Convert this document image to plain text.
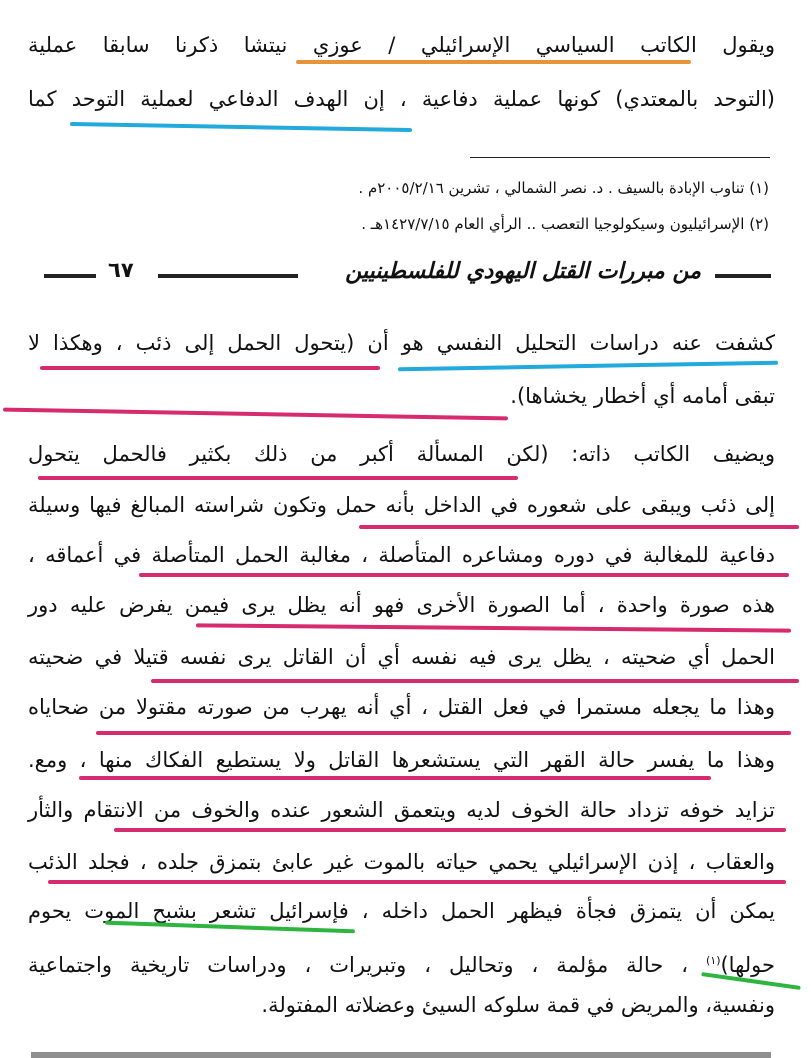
ويقول الكاتب السياسي الإسرائيلي / عوزي نيتشا ذكرنا سابقا عملية
(التوحد بالمعتدي) كونها عملية دفاعية ، إن الهدف الدفاعي لعملية التوحد كما
(١) تناوب الإبادة بالسيف . د. نصر الشمالي ، تشرين ٢٠٠٥/٢/١٦م .
(٢) الإسرائيليون وسيكولوجيا التعصب .. الرأي العام ١٤٢٧/٧/١٥هـ .
من مبررات القتل اليهودي للفلسطينيين
٦٧
كشفت عنه دراسات التحليل النفسي هو أن (يتحول الحمل إلى ذئب ، وهكذا لا
تبقى أمامه أي أخطار يخشاها).
ويضيف الكاتب ذاته: (لكن المسألة أكبر من ذلك بكثير فالحمل يتحول
إلى ذئب ويبقى على شعوره في الداخل بأنه حمل وتكون شراسته المبالغ فيها وسيلة
دفاعية للمغالبة في دوره ومشاعره المتأصلة ، مغالبة الحمل المتأصلة في أعماقه ،
هذه صورة واحدة ، أما الصورة الأخرى فهو أنه يظل يرى فيمن يفرض عليه دور
الحمل أي ضحيته ، يظل يرى فيه نفسه أي أن القاتل يرى نفسه قتيلا في ضحيته
وهذا ما يجعله مستمرا في فعل القتل ، أي أنه يهرب من صورته مقتولا من ضحاياه
وهذا ما يفسر حالة القهر التي يستشعرها القاتل ولا يستطيع الفكاك منها ، ومع.
تزايد خوفه تزداد حالة الخوف لديه ويتعمق الشعور عنده والخوف من الانتقام والثأر
والعقاب ، إذن الإسرائيلي يحمي حياته بالموت غير عابئ بتمزق جلده ، فجلد الذئب
يمكن أن يتمزق فجأة فيظهر الحمل داخله ، فإسرائيل تشعر بشبح الموت يحوم
حولها)$^{(١)}$ ، حالة مؤلمة ، وتحاليل ، وتبريرات ، ودراسات تاريخية واجتماعية
ونفسية، والمريض في قمة سلوكه السيئ وعضلاته المفتولة.
